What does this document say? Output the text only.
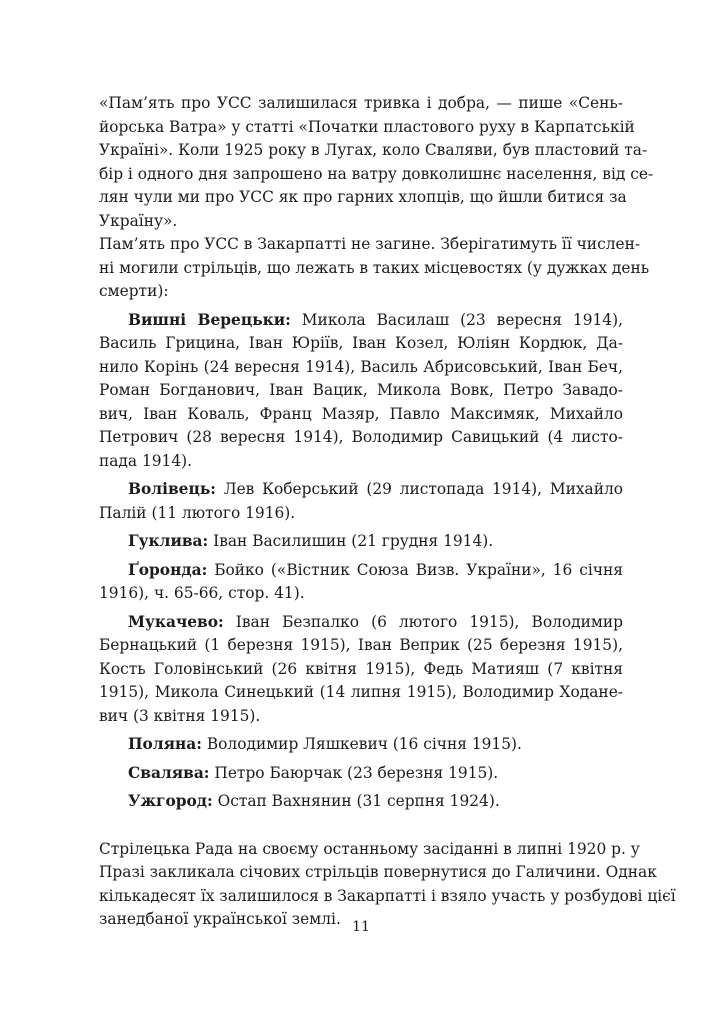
«Пам’ять про УСС залишилася тривка і добра, — пише «Сень-
йорська Ватра» у статті «Початки пластового руху в Карпатській
Україні». Коли 1925 року в Лугах, коло Сваляви, був пластовий та-
бір і одного дня запрошено на ватру довколишнє населення, від се-
лян чули ми про УСС як про гарних хлопців, що йшли битися за
Україну».

Пам’ять про УСС в Закарпатті не загине. Зберігатимуть її числен-
ні могили стрільців, що лежать в таких місцевостях (у дужках день
смерти):

Вишні Верецьки: Микола Василаш (23 вересня 1914),
Василь Грицина, Іван Юріїв, Іван Козел, Юліян Кордюк, Да-
нило Корінь (24 вересня 1914), Василь Абрисовський, Іван Беч,
Роман Богданович, Іван Вацик, Микола Вовк, Петро Завадо-
вич, Іван Коваль, Франц Мазяр, Павло Максимяк, Михайло
Петрович (28 вересня 1914), Володимир Савицький (4 листо-
пада 1914).

Волівець: Лев Коберський (29 листопада 1914), Михайло
Палій (11 лютого 1916).

Гуклива: Іван Василишин (21 грудня 1914).

Ґоронда: Бойко («Вістник Союза Визв. України», 16 січня
1916), ч. 65-66, стор. 41).

Мукачево: Іван Безпалко (6 лютого 1915), Володимир
Бернацький (1 березня 1915), Іван Веприк (25 березня 1915),
Кость Головінський (26 квітня 1915), Федь Матияш (7 квітня
1915), Микола Синецький (14 липня 1915), Володимир Ходане-
вич (3 квітня 1915).

Поляна: Володимир Ляшкевич (16 січня 1915).

Свалява: Петро Баюрчак (23 березня 1915).

Ужгород: Остап Вахнянин (31 серпня 1924).

Стрілецька Рада на своєму останньому засіданні в липні 1920 р. у
Празі закликала січових стрільців повернутися до Галичини. Однак
кількадесят їх залишилося в Закарпатті і взяло участь у розбудові цієї
занедбаної української землі. 11
